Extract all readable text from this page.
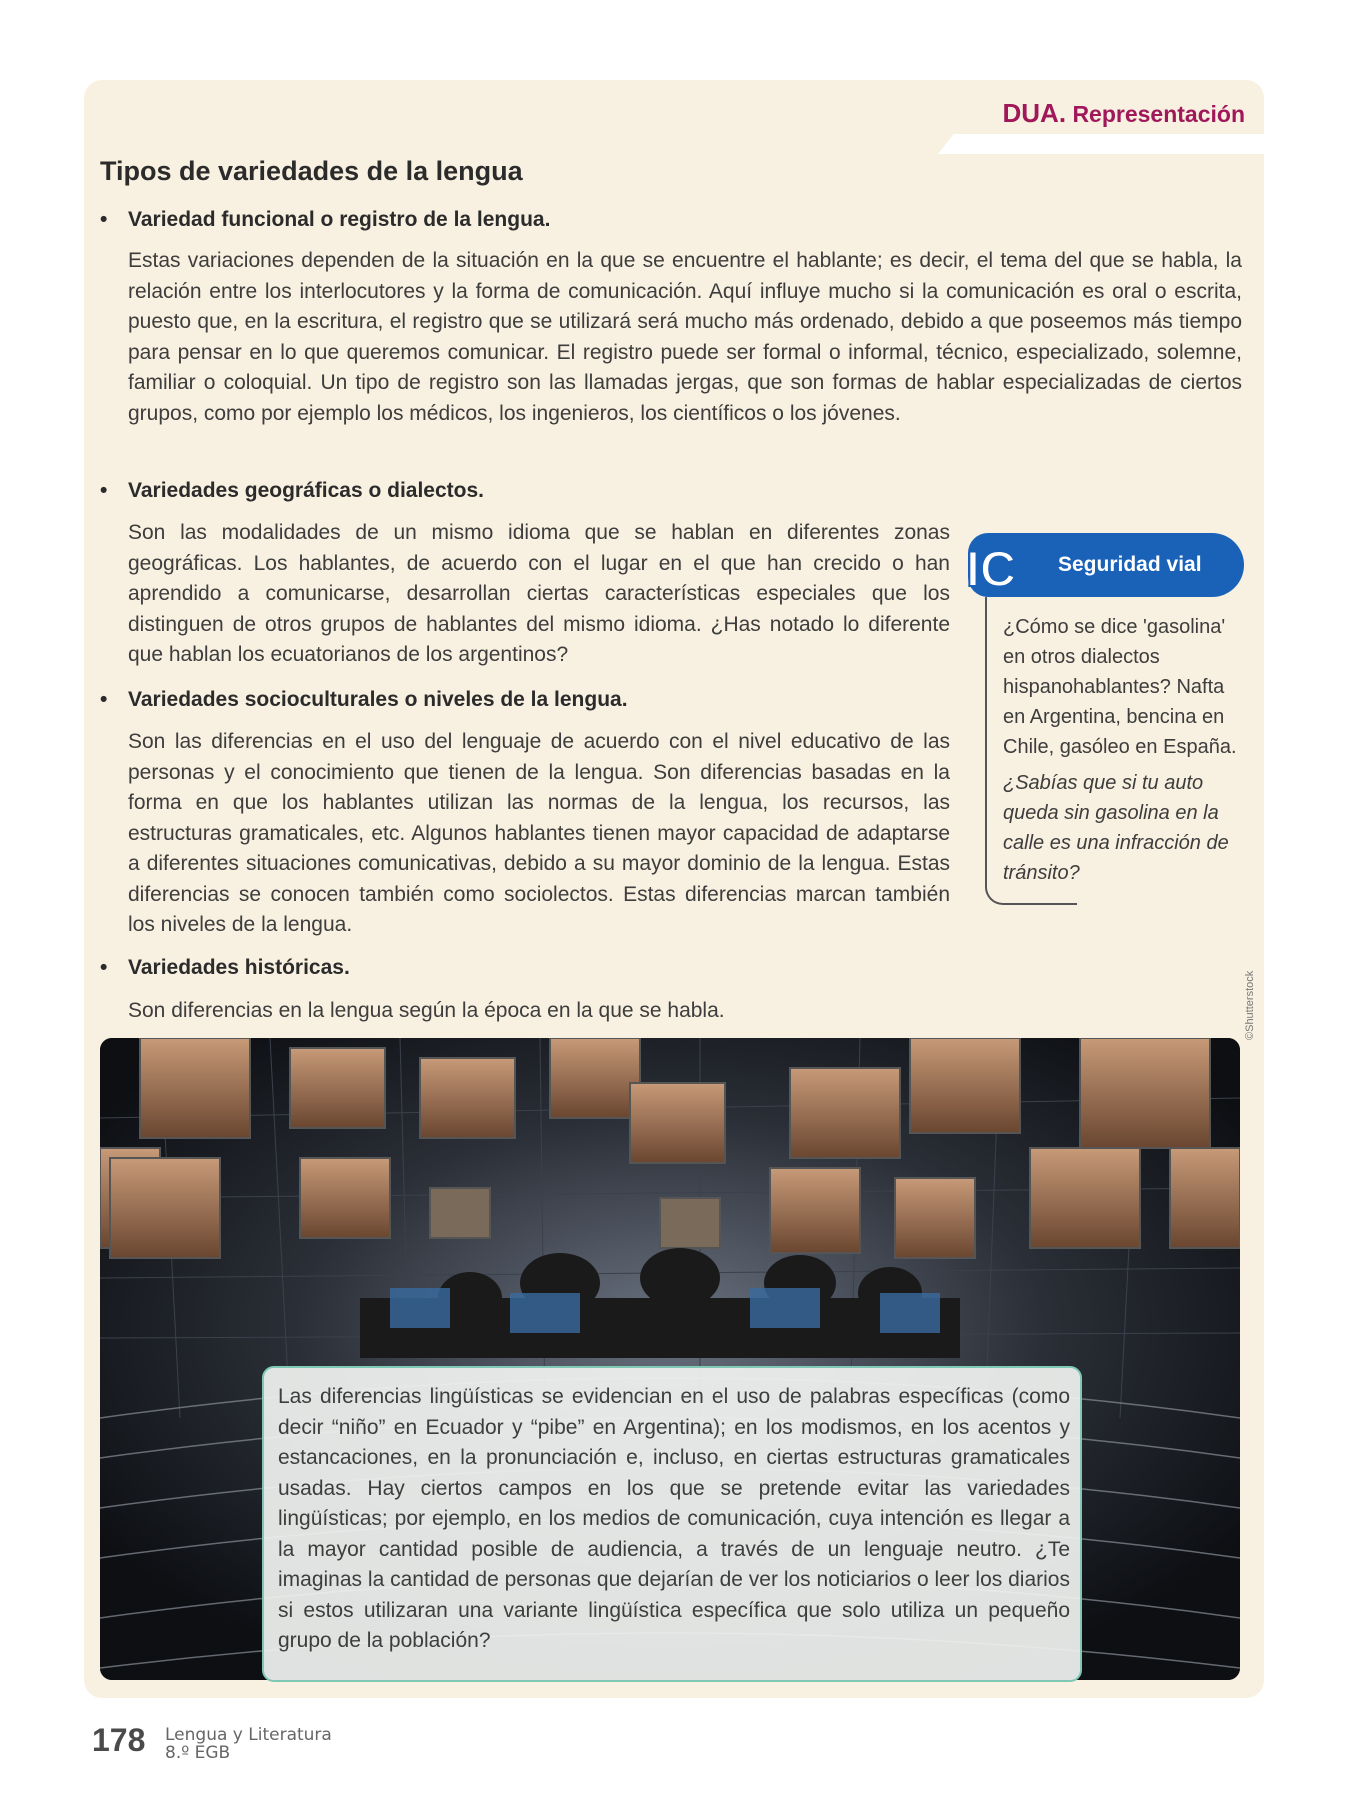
DUA. Representación
Tipos de variedades de la lengua
• Variedad funcional o registro de la lengua.
Estas variaciones dependen de la situación en la que se encuentre el hablante; es decir, el tema del que se habla, la relación entre los interlocutores y la forma de comunicación. Aquí influye mucho si la comunicación es oral o escrita, puesto que, en la escritura, el registro que se utilizará será mucho más ordenado, debido a que poseemos más tiempo para pensar en lo que queremos comunicar. El registro puede ser formal o informal, técnico, especializado, solemne, familiar o coloquial. Un tipo de registro son las llamadas jergas, que son formas de hablar especializadas de ciertos grupos, como por ejemplo los médicos, los ingenieros, los científicos o los jóvenes.
• Variedades geográficas o dialectos.
Son las modalidades de un mismo idioma que se hablan en diferentes zonas geográficas. Los hablantes, de acuerdo con el lugar en el que han crecido o han aprendido a comunicarse, desarrollan ciertas características especiales que los distinguen de otros grupos de hablantes del mismo idioma. ¿Has notado lo diferente que hablan los ecuatorianos de los argentinos?
• Variedades socioculturales o niveles de la lengua.
Son las diferencias en el uso del lenguaje de acuerdo con el nivel educativo de las personas y el conocimiento que tienen de la lengua. Son diferencias basadas en la forma en que los hablantes utilizan las normas de la lengua, los recursos, las estructuras gramaticales, etc. Algunos hablantes tienen mayor capacidad de adaptarse a diferentes situaciones comunicativas, debido a su mayor dominio de la lengua. Estas diferencias se conocen también como sociolectos. Estas diferencias marcan también los niveles de la lengua.
• Variedades históricas.
Son diferencias en la lengua según la época en la que se habla.
IC Seguridad vial
¿Cómo se dice 'gasolina' en otros dialectos hispanohablantes? Nafta en Argentina, bencina en Chile, gasóleo en España.
¿Sabías que si tu auto queda sin gasolina en la calle es una infracción de tránsito?
©Shutterstock
Las diferencias lingüísticas se evidencian en el uso de palabras específicas (como decir “niño” en Ecuador y “pibe” en Argentina); en los modismos, en los acentos y estancaciones, en la pronunciación e, incluso, en ciertas estructuras gramaticales usadas. Hay ciertos campos en los que se pretende evitar las variedades lingüísticas; por ejemplo, en los medios de comunicación, cuya intención es llegar a la mayor cantidad posible de audiencia, a través de un lenguaje neutro. ¿Te imaginas la cantidad de personas que dejarían de ver los noticiarios o leer los diarios si estos utilizaran una variante lingüística específica que solo utiliza un pequeño grupo de la población?
178 Lengua y Literatura
8.º EGB
